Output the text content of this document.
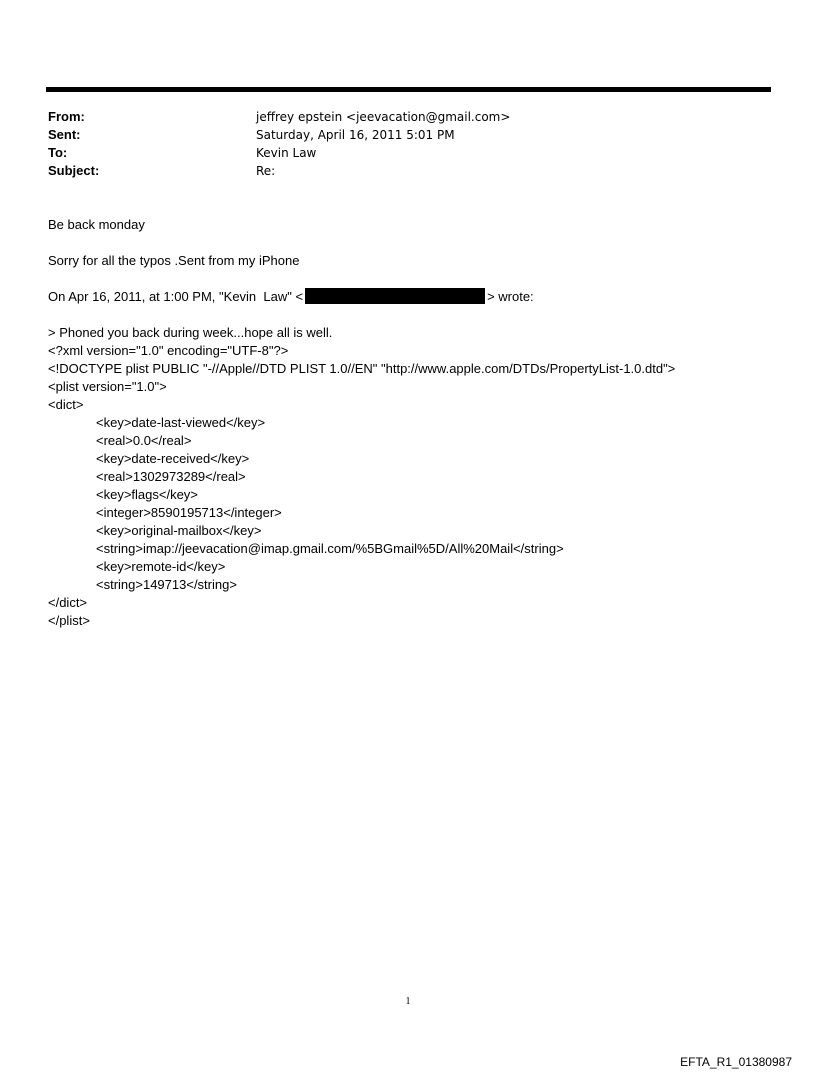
From:	jeffrey epstein <jeevacation@gmail.com>
Sent:	Saturday, April 16, 2011 5:01 PM
To:	Kevin Law
Subject:	Re:

Be back monday

Sorry for all the typos .Sent from my iPhone

On Apr 16, 2011, at 1:00 PM, "Kevin  Law" <	> wrote:

> Phoned you back during week...hope all is well.

<?xml version="1.0" encoding="UTF-8"?>

<!DOCTYPE plist PUBLIC "-//Apple//DTD PLIST 1.0//EN" "http://www.apple.com/DTDs/PropertyList-1.0.dtd">

<plist version="1.0">

<dict>

<key>date-last-viewed</key>

<real>0.0</real>

<key>date-received</key>

<real>1302973289</real>

<key>flags</key>

<integer>8590195713</integer>

<key>original-mailbox</key>

<string>imap://jeevacation@imap.gmail.com/%5BGmail%5D/All%20Mail</string>

<key>remote-id</key>

<string>149713</string>

</dict>

</plist>

1
EFTA_R1_01380987
